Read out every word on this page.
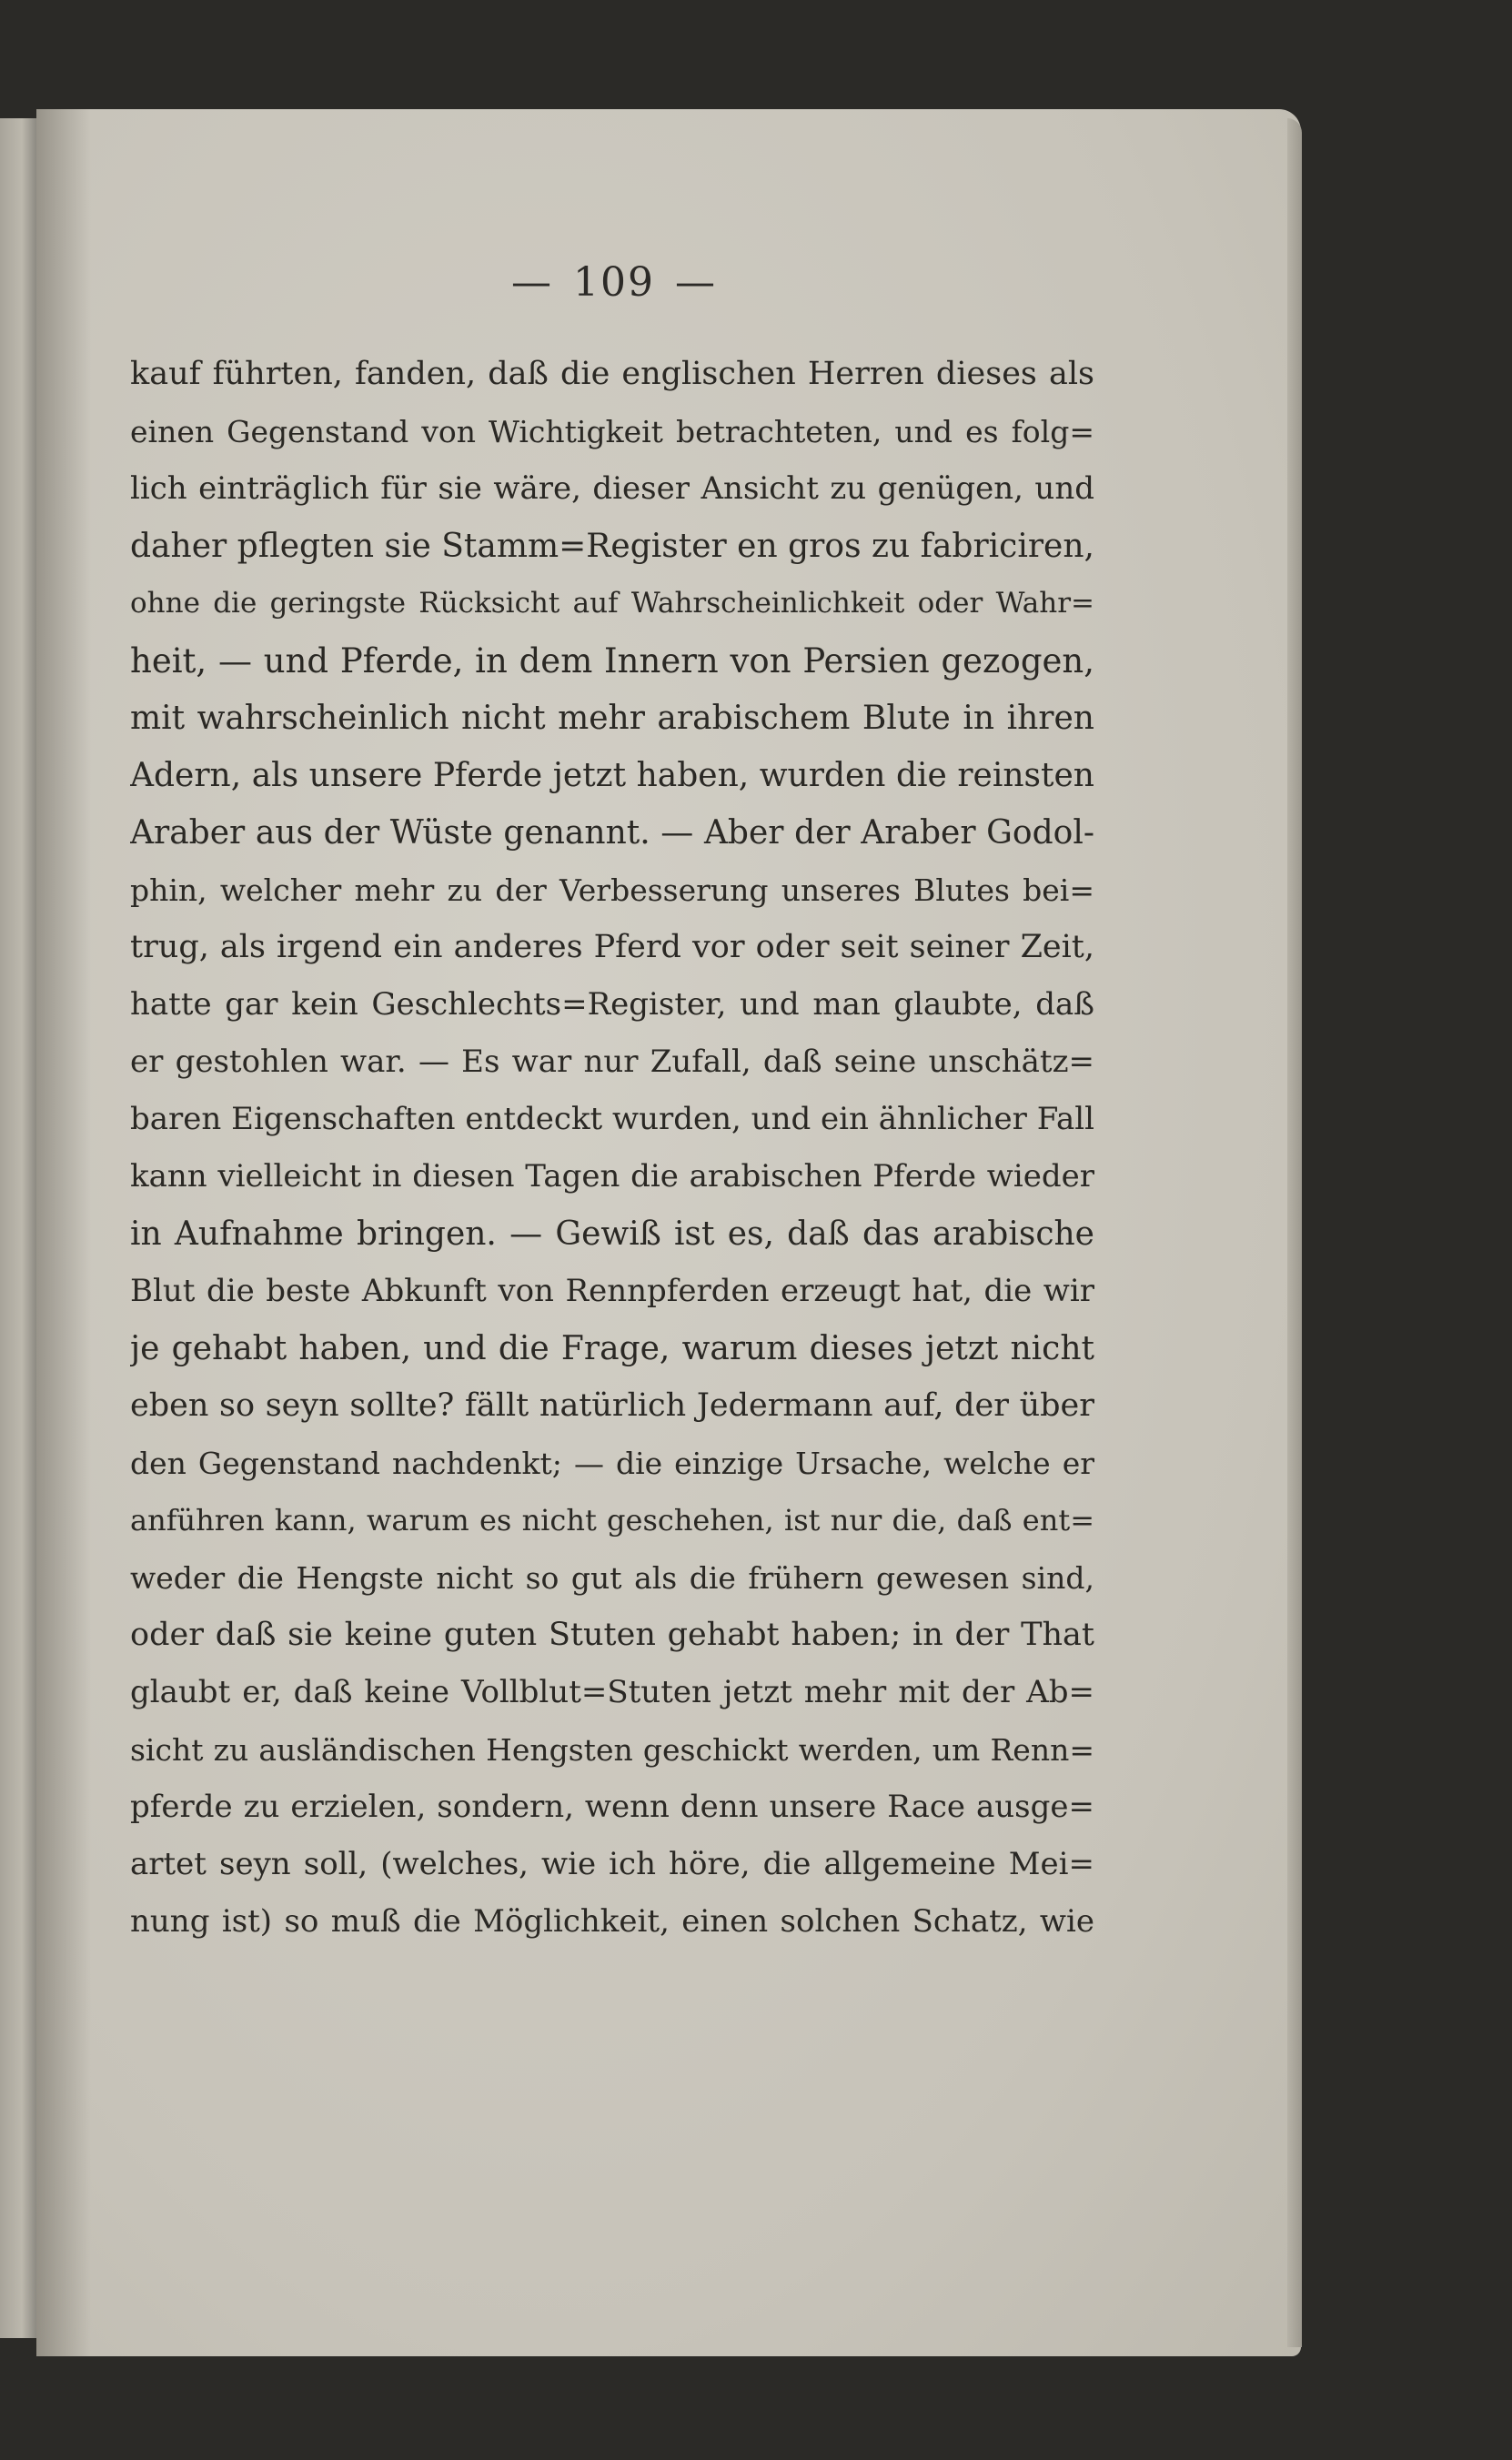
— 109 —
kauf führten, fanden, daß die englischen Herren dieses als
einen Gegenstand von Wichtigkeit betrachteten, und es folg=
lich einträglich für sie wäre, dieser Ansicht zu genügen, und
daher pflegten sie Stamm=Register en gros zu fabriciren,
ohne die geringste Rücksicht auf Wahrscheinlichkeit oder Wahr=
heit, — und Pferde, in dem Innern von Persien gezogen,
mit wahrscheinlich nicht mehr arabischem Blute in ihren
Adern, als unsere Pferde jetzt haben, wurden die reinsten
Araber aus der Wüste genannt. — Aber der Araber Godol-
phin, welcher mehr zu der Verbesserung unseres Blutes bei=
trug, als irgend ein anderes Pferd vor oder seit seiner Zeit,
hatte gar kein Geschlechts=Register, und man glaubte, daß
er gestohlen war. — Es war nur Zufall, daß seine unschätz=
baren Eigenschaften entdeckt wurden, und ein ähnlicher Fall
kann vielleicht in diesen Tagen die arabischen Pferde wieder
in Aufnahme bringen. — Gewiß ist es, daß das arabische
Blut die beste Abkunft von Rennpferden erzeugt hat, die wir
je gehabt haben, und die Frage, warum dieses jetzt nicht
eben so seyn sollte? fällt natürlich Jedermann auf, der über
den Gegenstand nachdenkt; — die einzige Ursache, welche er
anführen kann, warum es nicht geschehen, ist nur die, daß ent=
weder die Hengste nicht so gut als die frühern gewesen sind,
oder daß sie keine guten Stuten gehabt haben; in der That
glaubt er, daß keine Vollblut=Stuten jetzt mehr mit der Ab=
sicht zu ausländischen Hengsten geschickt werden, um Renn=
pferde zu erzielen, sondern, wenn denn unsere Race ausge=
artet seyn soll, (welches, wie ich höre, die allgemeine Mei=
nung ist) so muß die Möglichkeit, einen solchen Schatz, wie
